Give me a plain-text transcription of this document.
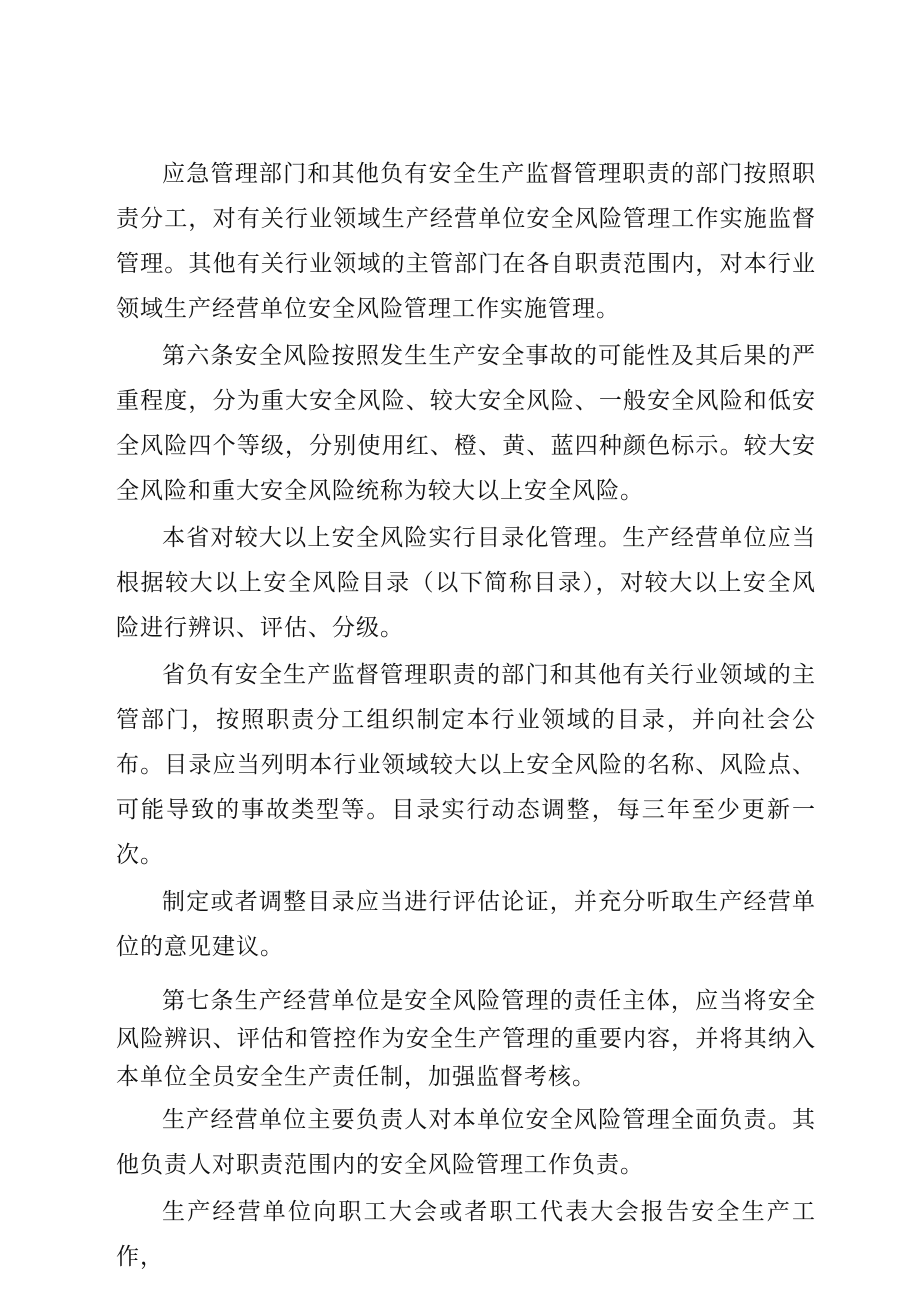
应急管理部门和其他负有安全生产监督管理职责的部门按照职责分工，对有关行业领域生产经营单位安全风险管理工作实施监督管理。其他有关行业领域的主管部门在各自职责范围内，对本行业领域生产经营单位安全风险管理工作实施管理。

第六条安全风险按照发生生产安全事故的可能性及其后果的严重程度，分为重大安全风险、较大安全风险、一般安全风险和低安全风险四个等级，分别使用红、橙、黄、蓝四种颜色标示。较大安全风险和重大安全风险统称为较大以上安全风险。

本省对较大以上安全风险实行目录化管理。生产经营单位应当根据较大以上安全风险目录（以下简称目录），对较大以上安全风险进行辨识、评估、分级。

省负有安全生产监督管理职责的部门和其他有关行业领域的主管部门，按照职责分工组织制定本行业领域的目录，并向社会公布。目录应当列明本行业领域较大以上安全风险的名称、风险点、可能导致的事故类型等。目录实行动态调整，每三年至少更新一次。

制定或者调整目录应当进行评估论证，并充分听取生产经营单位的意见建议。

第七条生产经营单位是安全风险管理的责任主体，应当将安全风险辨识、评估和管控作为安全生产管理的重要内容，并将其纳入本单位全员安全生产责任制，加强监督考核。

生产经营单位主要负责人对本单位安全风险管理全面负责。其他负责人对职责范围内的安全风险管理工作负责。

生产经营单位向职工大会或者职工代表大会报告安全生产工作，
